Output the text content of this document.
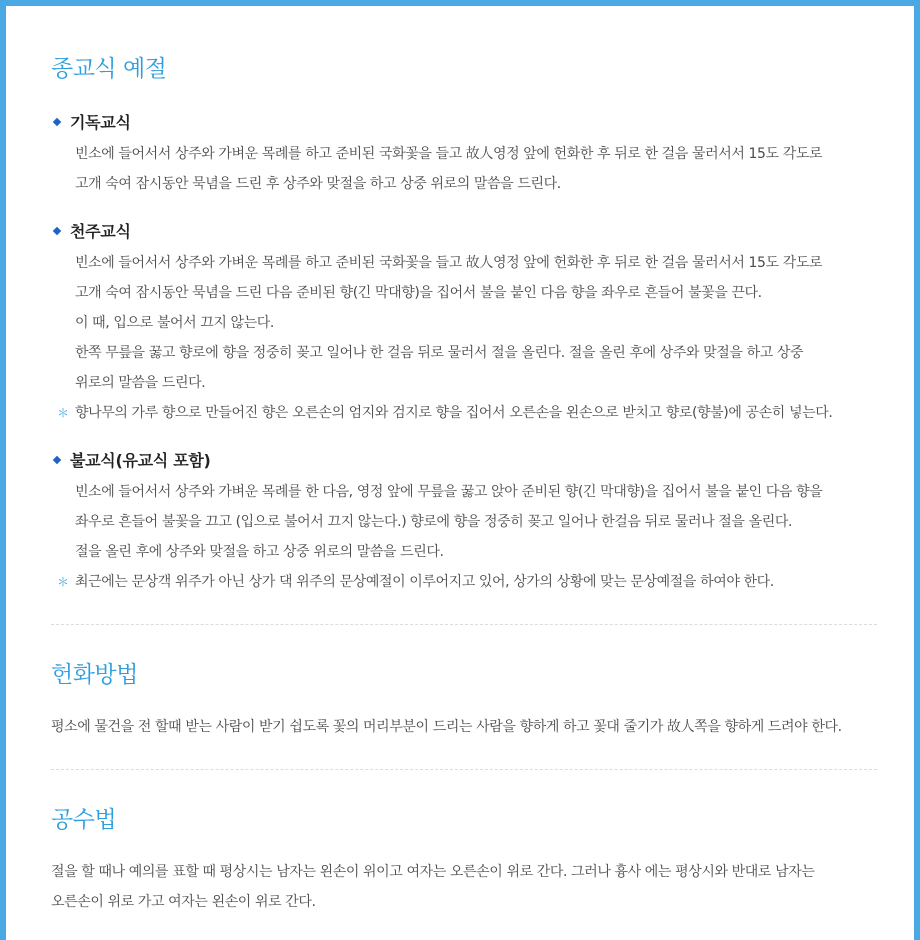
종교식 예절
기독교식
빈소에 들어서서 상주와 가벼운 목례를 하고 준비된 국화꽃을 들고 故人영정 앞에 헌화한 후 뒤로 한 걸음 물러서서 15도 각도로
고개 숙여 잠시동안 묵념을 드린 후 상주와 맞절을 하고 상중 위로의 말씀을 드린다.
천주교식
빈소에 들어서서 상주와 가벼운 목례를 하고 준비된 국화꽃을 들고 故人영정 앞에 헌화한 후 뒤로 한 걸음 물러서서 15도 각도로
고개 숙여 잠시동안 묵념을 드린 다음 준비된 향(긴 막대향)을 집어서 불을 붙인 다음 향을 좌우로 흔들어 불꽃을 끈다.
이 때, 입으로 불어서 끄지 않는다.
한쪽 무릎을 꿇고 향로에 향을 정중히 꽂고 일어나 한 걸음 뒤로 물러서 절을 올린다. 절을 올린 후에 상주와 맞절을 하고 상중
위로의 말씀을 드린다.
＊ 향나무의 가루 향으로 만들어진 향은 오른손의 엄지와 검지로 향을 집어서 오른손을 왼손으로 받치고 향로(향불)에 공손히 넣는다.
불교식(유교식 포함)
빈소에 들어서서 상주와 가벼운 목례를 한 다음, 영정 앞에 무릎을 꿇고 앉아 준비된 향(긴 막대향)을 집어서 불을 붙인 다음 향을
좌우로 흔들어 불꽃을 끄고 (입으로 불어서 끄지 않는다.) 향로에 향을 정중히 꽂고 일어나 한걸음 뒤로 물러나 절을 올린다.
절을 올린 후에 상주와 맞절을 하고 상중 위로의 말씀을 드린다.
＊ 최근에는 문상객 위주가 아닌 상가 댁 위주의 문상예절이 이루어지고 있어, 상가의 상황에 맞는 문상예절을 하여야 한다.
헌화방법
평소에 물건을 전 할때 받는 사람이 받기 쉽도록 꽃의 머리부분이 드리는 사람을 향하게 하고 꽃대 줄기가 故人쪽을 향하게 드려야 한다.
공수법
절을 할 때나 예의를 표할 때 평상시는 남자는 왼손이 위이고 여자는 오른손이 위로 간다. 그러나 흉사 에는 평상시와 반대로 남자는
오른손이 위로 가고 여자는 왼손이 위로 간다.
